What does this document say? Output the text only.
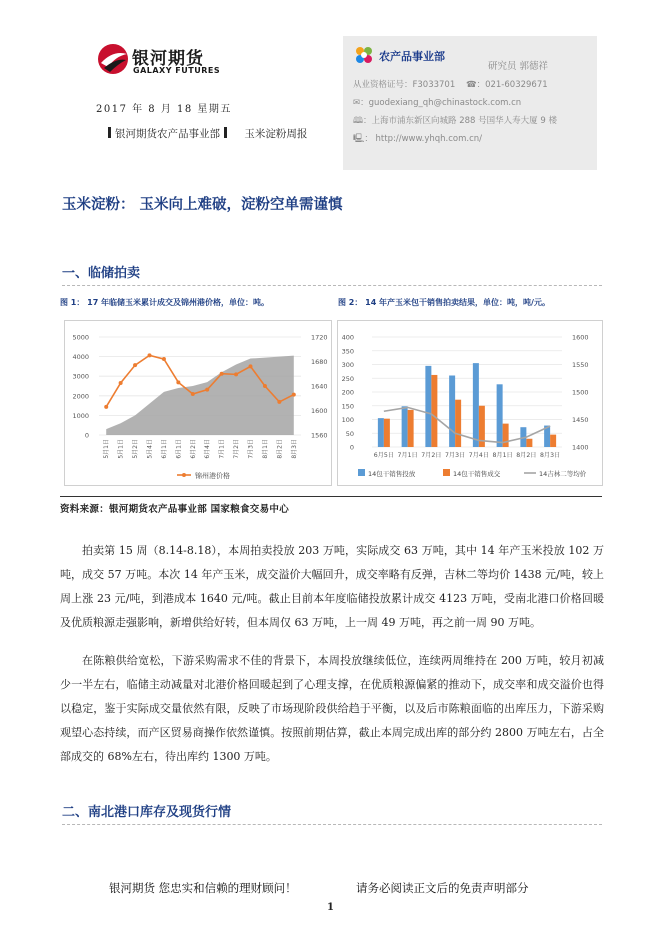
银河期货
GALAXY FUTURES
2017 年 8 月 18 星期五
银河期货农产品事业部 玉米淀粉周报
农产品事业部
研究员 郭德祥
从业资格证号：F3033701 ☎：021-60329671
✉：guodexiang_qh@chinastock.com.cn
🕮：上海市浦东新区向城路 288 号国华人寿大厦 9 楼
🖳： http://www.yhqh.com.cn/
玉米淀粉： 玉米向上难破，淀粉空单需谨慎
一、临储拍卖
图 1： 17 年临储玉米累计成交及锦州港价格，单位：吨。	图 2： 14 年产玉米包干销售拍卖结果，单位：吨，吨/元。
0
1000
2000
3000
4000
5000
1560
1600
1640
1680
1720
5月1日 5月1日 5月2日 5月4日 6月1日 6月1日 6月2日 6月4日 7月1日 7月2日 7月3日 8月1日 8月2日 8月3日
锦州港价格
0
50
100
150
200
250
300
350
400
1400
1450
1500
1550
1600
6月5日 7月1日 7月2日 7月3日 7月4日 8月1日 8月2日 8月3日
14包干销售投放	14包干销售成交	14吉林二等均价
资料来源：银河期货农产品事业部 国家粮食交易中心
拍卖第 15 周（8.14-8.18），本周拍卖投放 203 万吨，实际成交 63 万吨，其中 14 年产玉米投放 102 万吨，成交 57 万吨。本次 14 年产玉米，成交溢价大幅回升，成交率略有反弹，吉林二等均价 1438 元/吨，较上周上涨 23 元/吨，到港成本 1640 元/吨。截止目前本年度临储投放累计成交 4123 万吨，受南北港口价格回暖及优质粮源走强影响，新增供给好转，但本周仅 63 万吨，上一周 49 万吨，再之前一周 90 万吨。
在陈粮供给宽松，下游采购需求不佳的背景下，本周投放继续低位，连续两周维持在 200 万吨，较月初减少一半左右，临储主动减量对北港价格回暖起到了心理支撑，在优质粮源偏紧的推动下，成交率和成交溢价也得以稳定，鉴于实际成交量依然有限，反映了市场现阶段供给趋于平衡，以及后市陈粮面临的出库压力，下游采购观望心态持续，而产区贸易商操作依然谨慎。按照前期估算，截止本周完成出库的部分约 2800 万吨左右，占全部成交的 68%左右，待出库约 1300 万吨。
二、南北港口库存及现货行情
银河期货 您忠实和信赖的理财顾问！	请务必阅读正文后的免责声明部分
1
